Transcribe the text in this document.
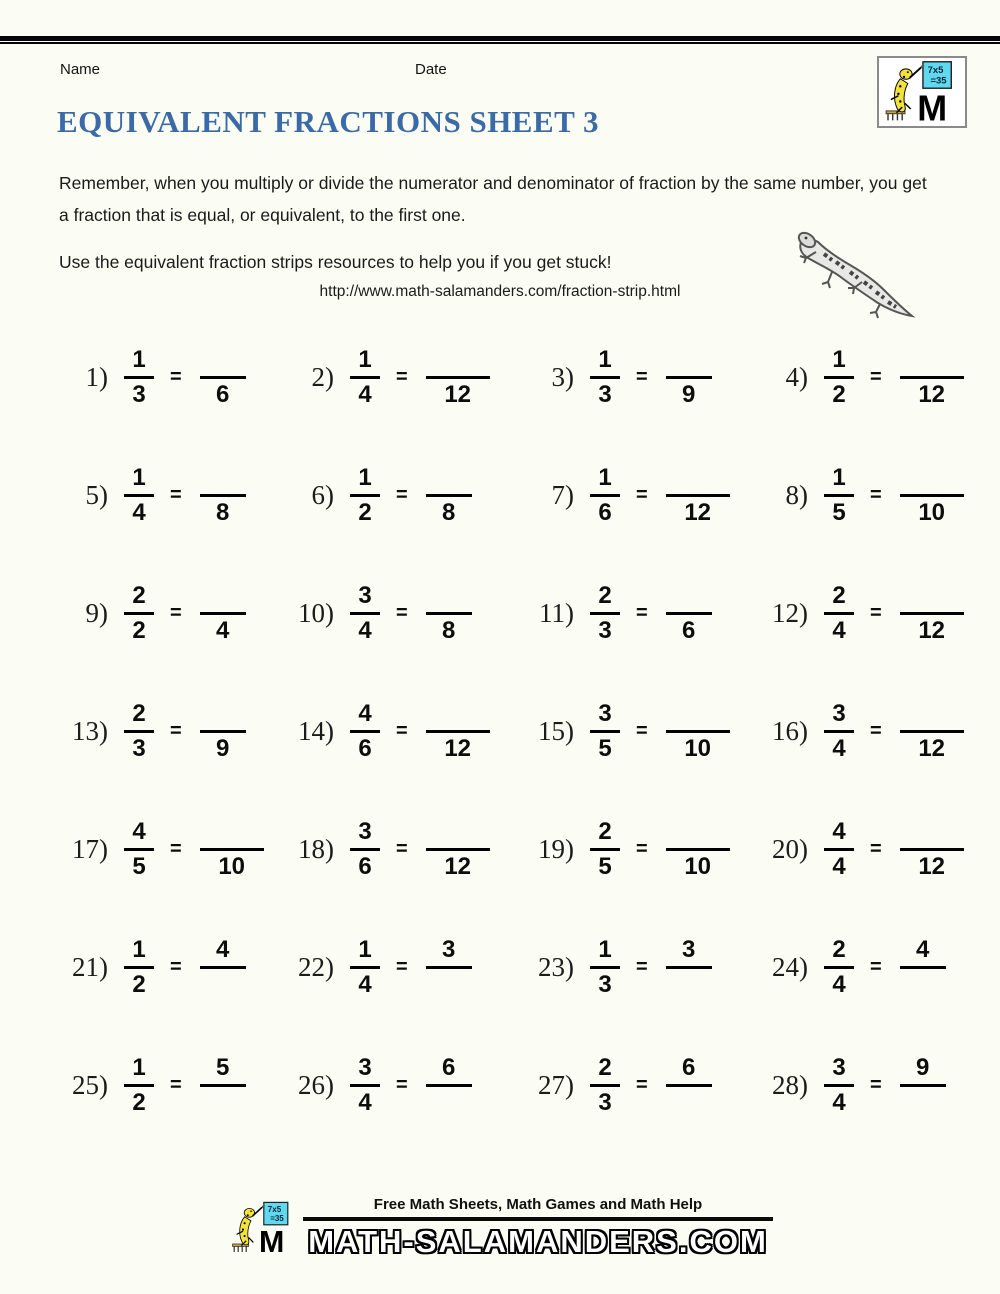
Name	Date
M
7x5
=35
EQUIVALENT FRACTIONS SHEET 3
Remember, when you multiply or divide the numerator and denominator of fraction by the same number, you get a fraction that is equal, or equivalent, to the first one.
Use the equivalent fraction strips resources to help you if you get stuck!
http://www.math-salamanders.com/fraction-strip.html
$1) \frac{1}{3}$ =

6
$2) \frac{1}{4}$ =

12
$3) \frac{1}{3}$ =

9
$4) \frac{1}{2}$ =

12
$5) \frac{1}{4}$ =

8
$6) \frac{1}{2}$ =

8
$7) \frac{1}{6}$ =

12
$8) \frac{1}{5}$ =

10
$9) \frac{2}{2}$ =

4
$10) \frac{3}{4}$ =

8
$11) \frac{2}{3}$ =

6
$12) \frac{2}{4}$ =

12
$13) \frac{2}{3}$ =

9
$14) \frac{4}{6}$ =

12
$15) \frac{3}{5}$ =

10
$16) \frac{3}{4}$ =

12
$17) \frac{4}{5}$ =

10
$18) \frac{3}{6}$ =

12
$19) \frac{2}{5}$ =

10
$20) \frac{4}{4}$ =

12
$21) \frac{1}{2}$ =
4

$22) \frac{1}{4}$ =
3

$23) \frac{1}{3}$ =
3

$24) \frac{2}{4}$ =
4

$25) \frac{1}{2}$ =
5

$26) \frac{3}{4}$ =
6

$27) \frac{2}{3}$ =
6

$28) \frac{3}{4}$ =
9

Free Math Sheets, Math Games and Math Help
MATH-SALAMANDERS.COM
